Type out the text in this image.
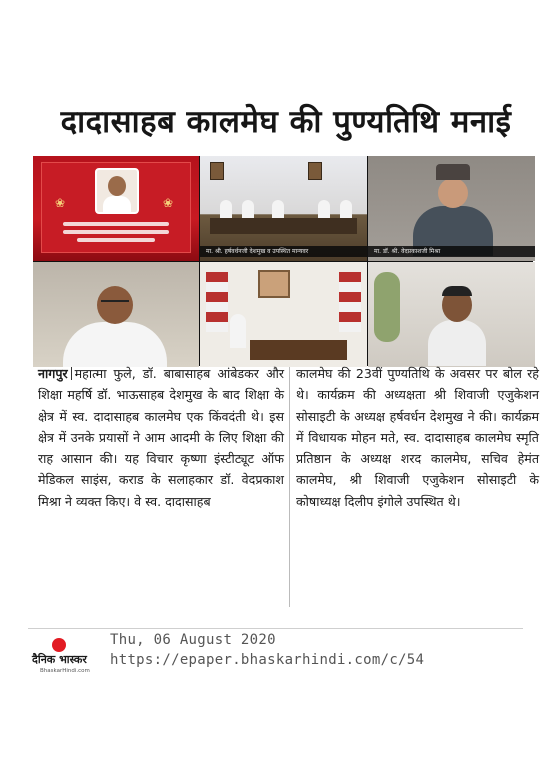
दादासाहब कालमेघ की पुण्यतिथि मनाई
❀	❀
मा. श्री. हर्षवर्धनजी देशमुख व उपस्थित मान्यवर	मा. डॉ. श्री. वेदप्रकाशजी मिश्रा

नागपुर महात्मा फुले, डॉ. बाबासाहब आंबेडकर और शिक्षा महर्षि डॉ. भाऊसाहब देशमुख के बाद शिक्षा के क्षेत्र में स्व. दादासाहब कालमेघ एक किंवदंती थे। इस क्षेत्र में उनके प्रयासों ने आम आदमी के लिए शिक्षा की राह आसान की। यह विचार कृष्णा इंस्टीट्यूट ऑफ मेडिकल साइंस, कराड के सलाहकार डॉ. वेदप्रकाश मिश्रा ने व्यक्त किए। वे स्व. दादासाहब

कालमेघ की 23वीं पुण्यतिथि के अवसर पर बोल रहे थे। कार्यक्रम की अध्यक्षता श्री शिवाजी एजुकेशन सोसाइटी के अध्यक्ष हर्षवर्धन देशमुख ने की। कार्यक्रम में विधायक मोहन मते, स्व. दादासाहब कालमेघ स्मृति प्रतिष्ठान के अध्यक्ष शरद कालमेघ, सचिव हेमंत कालमेघ, श्री शिवाजी एजुकेशन सोसाइटी के कोषाध्यक्ष दिलीप इंगोले उपस्थित थे।

दैनिक भास्कर
BhaskarHindi.com
Thu, 06 August 2020
https://epaper.bhaskarhindi.com/c/54
